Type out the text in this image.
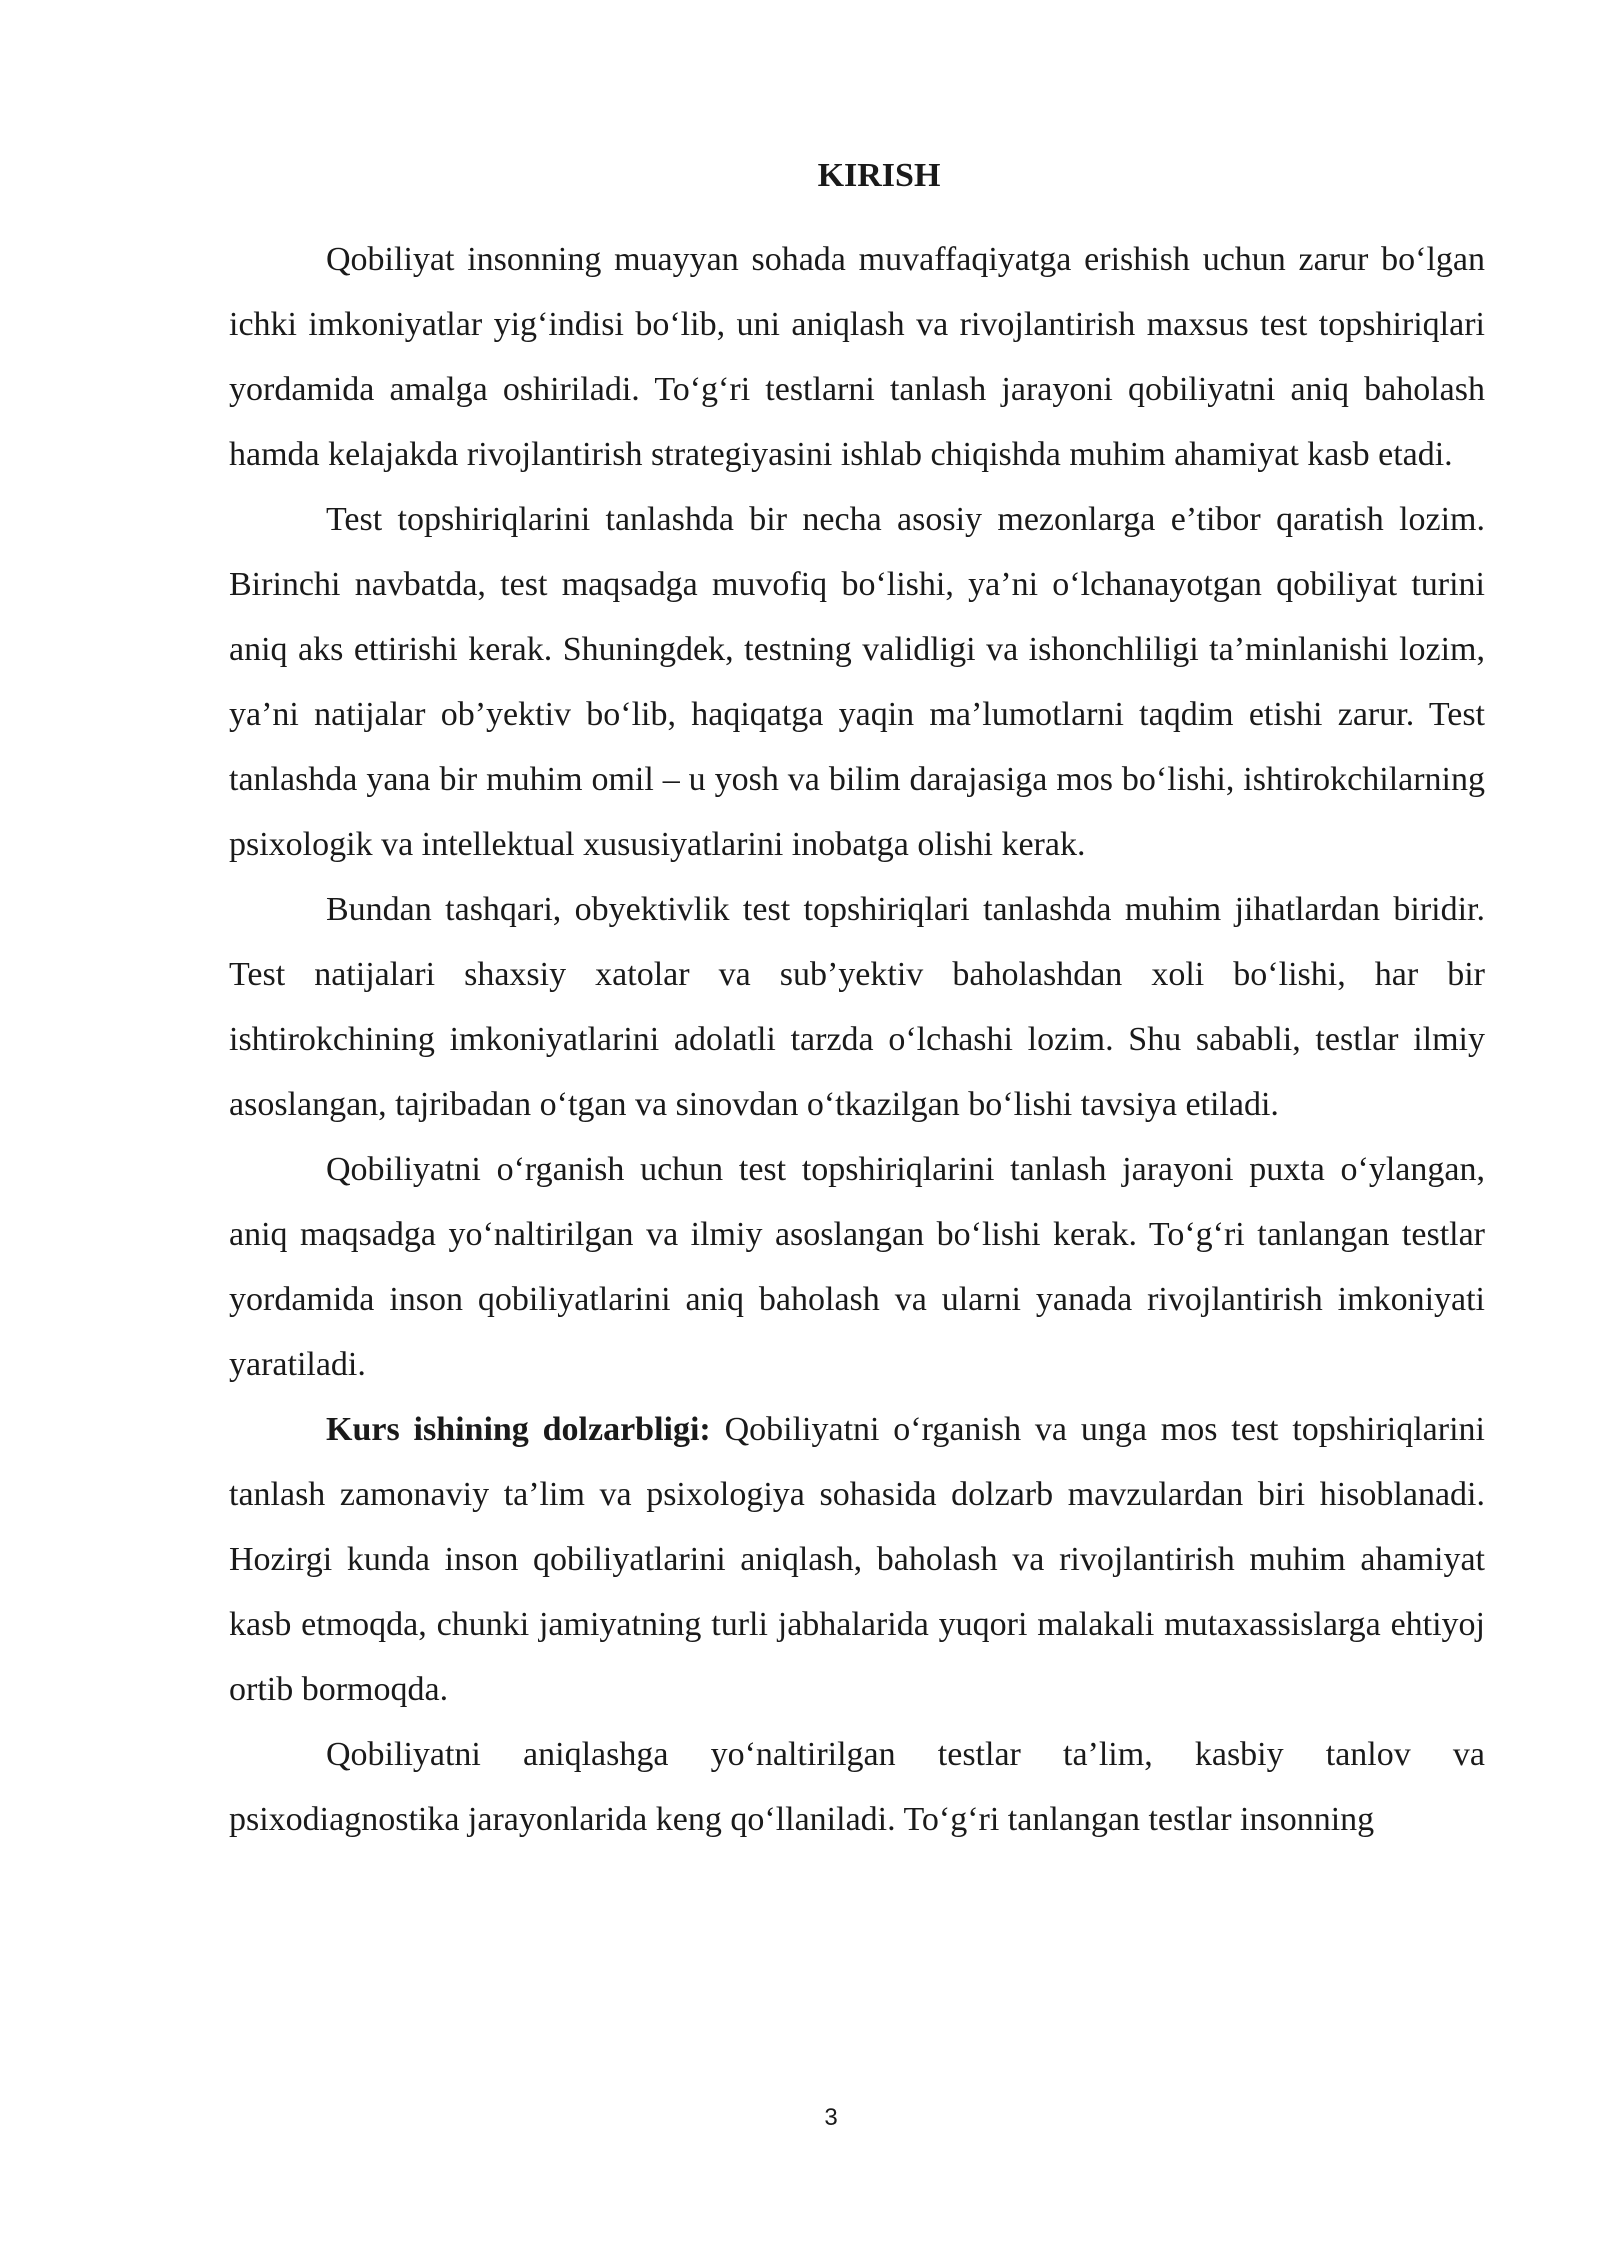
KIRISH

Qobiliyat insonning muayyan sohada muvaffaqiyatga erishish uchun zarur bo‘lgan ichki imkoniyatlar yig‘indisi bo‘lib, uni aniqlash va rivojlantirish maxsus test topshiriqlari yordamida amalga oshiriladi. To‘g‘ri testlarni tanlash jarayoni qobiliyatni aniq baholash hamda kelajakda rivojlantirish strategiyasini ishlab chiqishda muhim ahamiyat kasb etadi.

Test topshiriqlarini tanlashda bir necha asosiy mezonlarga e’tibor qaratish lozim. Birinchi navbatda, test maqsadga muvofiq bo‘lishi, ya’ni o‘lchanayotgan qobiliyat turini aniq aks ettirishi kerak. Shuningdek, testning validligi va ishonchliligi ta’minlanishi lozim, ya’ni natijalar ob’yektiv bo‘lib, haqiqatga yaqin ma’lumotlarni taqdim etishi zarur. Test tanlashda yana bir muhim omil – u yosh va bilim darajasiga mos bo‘lishi, ishtirokchilarning psixologik va intellektual xususiyatlarini inobatga olishi kerak.

Bundan tashqari, obyektivlik test topshiriqlari tanlashda muhim jihatlardan biridir. Test natijalari shaxsiy xatolar va sub’yektiv baholashdan xoli bo‘lishi, har bir ishtirokchining imkoniyatlarini adolatli tarzda o‘lchashi lozim. Shu sababli, testlar ilmiy asoslangan, tajribadan o‘tgan va sinovdan o‘tkazilgan bo‘lishi tavsiya etiladi.

Qobiliyatni o‘rganish uchun test topshiriqlarini tanlash jarayoni puxta o‘ylangan, aniq maqsadga yo‘naltirilgan va ilmiy asoslangan bo‘lishi kerak. To‘g‘ri tanlangan testlar yordamida inson qobiliyatlarini aniq baholash va ularni yanada rivojlantirish imkoniyati yaratiladi.

Kurs ishining dolzarbligi: Qobiliyatni o‘rganish va unga mos test topshiriqlarini tanlash zamonaviy ta’lim va psixologiya sohasida dolzarb mavzulardan biri hisoblanadi. Hozirgi kunda inson qobiliyatlarini aniqlash, baholash va rivojlantirish muhim ahamiyat kasb etmoqda, chunki jamiyatning turli jabhalarida yuqori malakali mutaxassislarga ehtiyoj ortib bormoqda.

Qobiliyatni aniqlashga yo‘naltirilgan testlar ta’lim, kasbiy tanlov va psixodiagnostika jarayonlarida keng qo‘llaniladi. To‘g‘ri tanlangan testlar insonning

3
